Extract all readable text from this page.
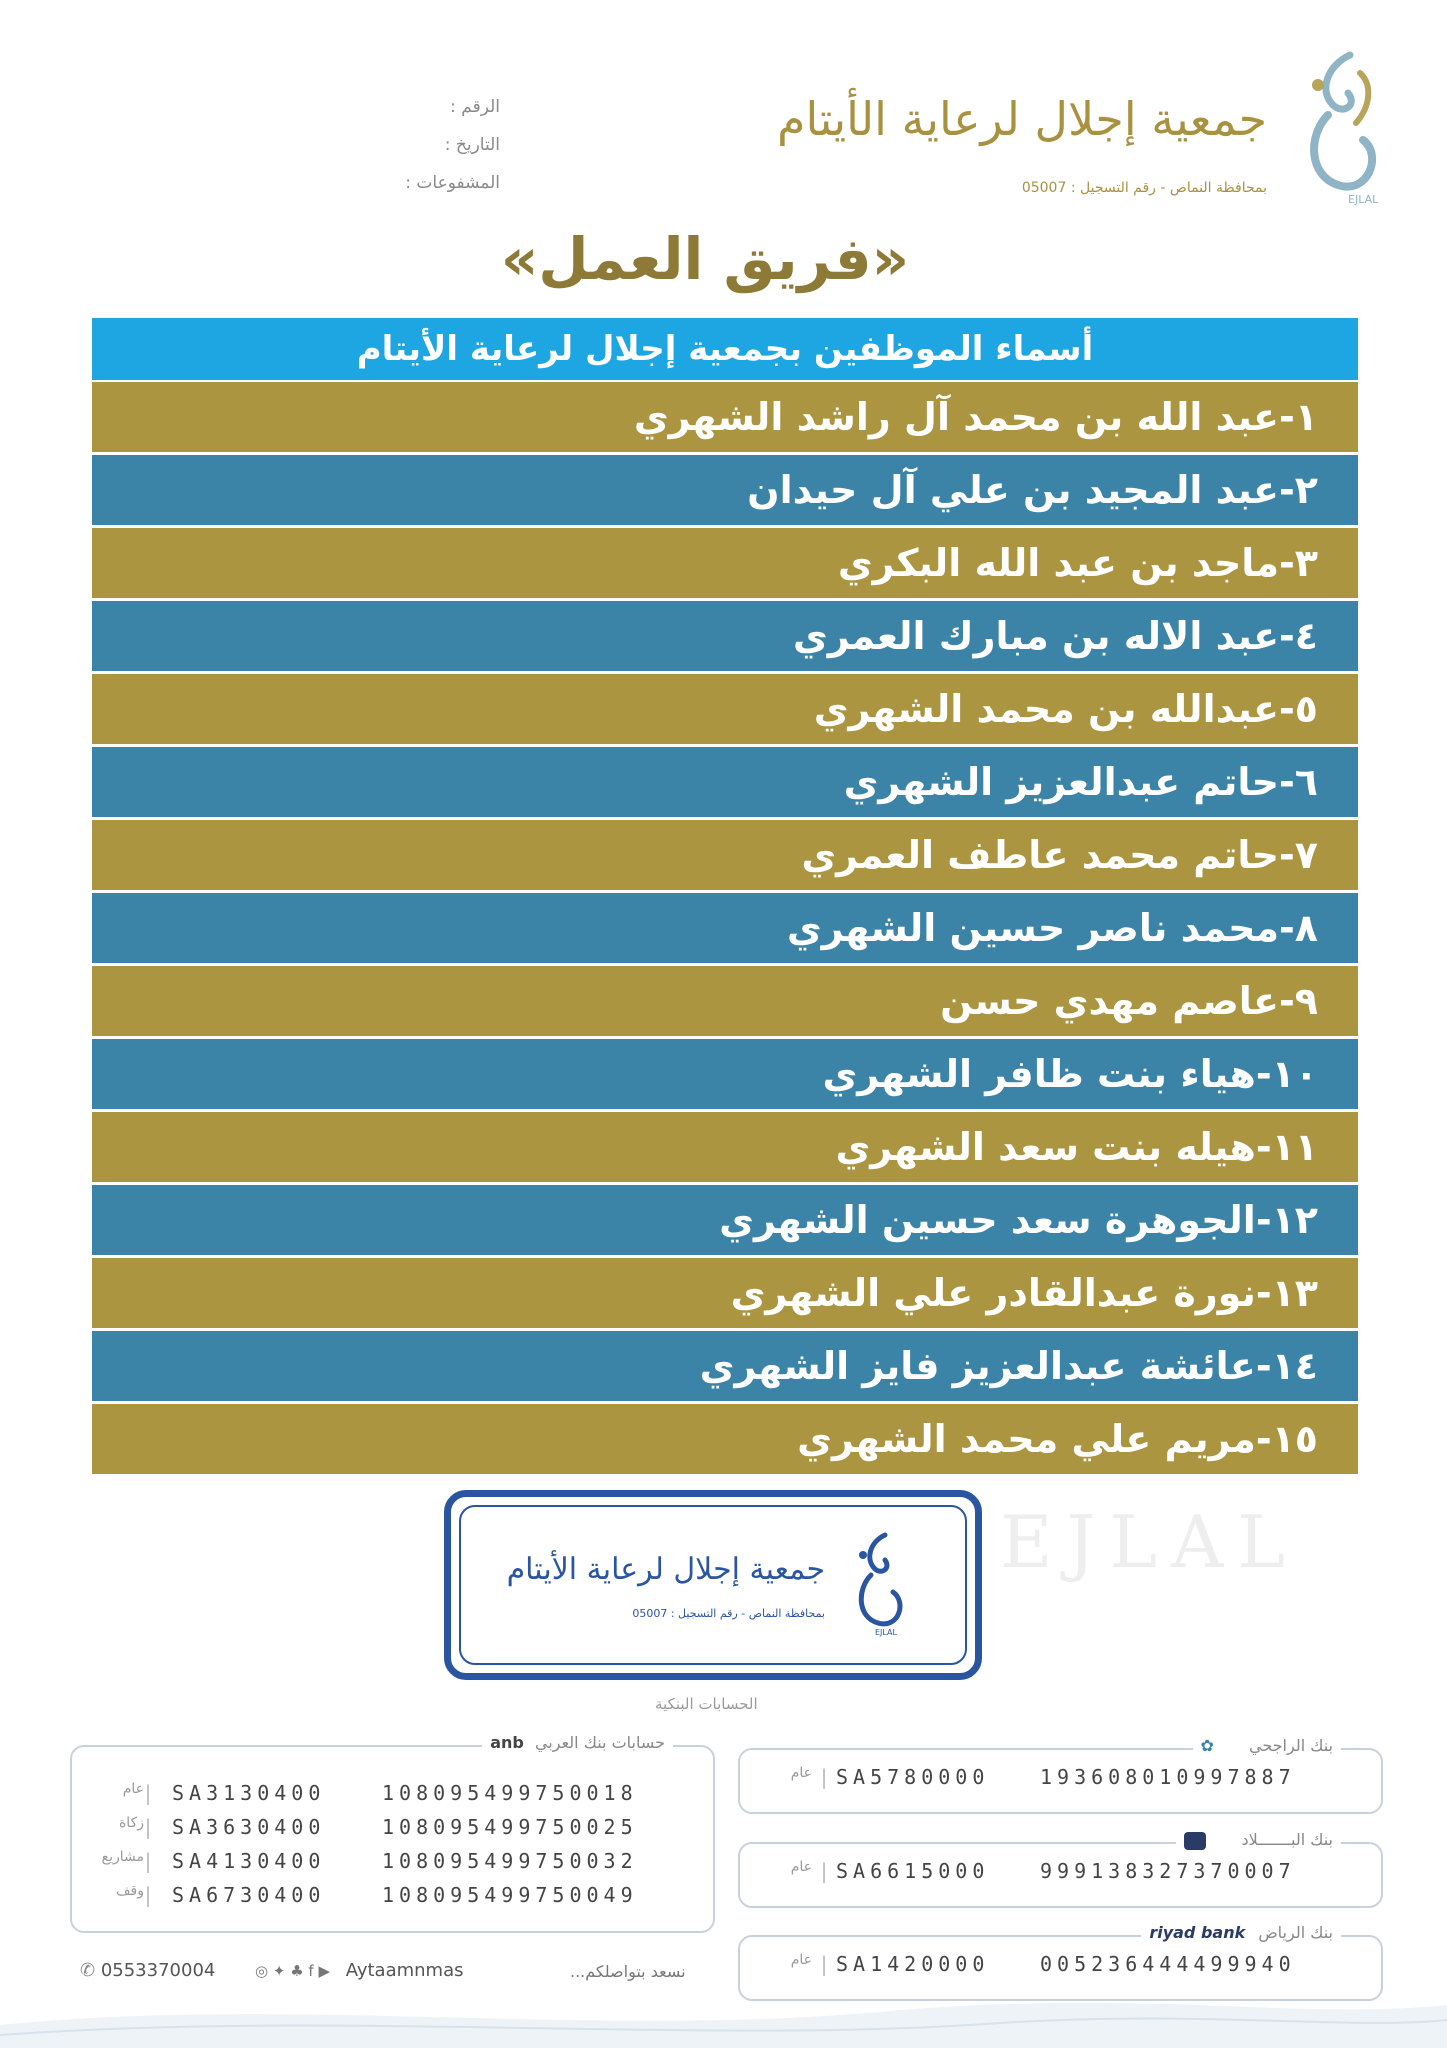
EJLAL
جمعية إجلال لرعاية الأيتام
بمحافظة النماص - رقم التسجيل : 05007
الرقم :
التاريخ :
المشفوعات :
«فريق العمل»
أسماء الموظفين بجمعية إجلال لرعاية الأيتام
١-عبد الله بن محمد آل راشد الشهري
٢-عبد المجيد بن علي آل حيدان
٣-ماجد بن عبد الله البكري
٤-عبد الاله بن مبارك العمري
٥-عبدالله بن محمد الشهري
٦-حاتم عبدالعزيز الشهري
٧-حاتم محمد عاطف العمري
٨-محمد ناصر حسين الشهري
٩-عاصم مهدي حسن
١٠-هياء بنت ظافر الشهري
١١-هيله بنت سعد الشهري
١٢-الجوهرة سعد حسين الشهري
١٣-نورة عبدالقادر علي الشهري
١٤-عائشة عبدالعزيز فايز الشهري
١٥-مريم علي محمد الشهري
EJLAL
EJLAL
جمعية إجلال لرعاية الأيتام
بمحافظة النماص - رقم التسجيل : 05007
الحسابات البنكية
حسابات بنك العربي anb
108095499750018
SA3130400
|
عام
108095499750025
SA3630400
|
زكاة
108095499750032
SA4130400
|
مشاريع
108095499750049
SA6730400
|
وقف
بنك الراجحي ✿
193608010997887
SA5780000
|
عام
بنك البـــــــلاد
999138327370007
SA6615000
|
عام
بنك الرياض riyad bank
005236444499940
SA1420000
|
عام
✆ 0553370004	◎ ✦ ♣ f ▶ Aytaamnmas	نسعد بتواصلكم...
